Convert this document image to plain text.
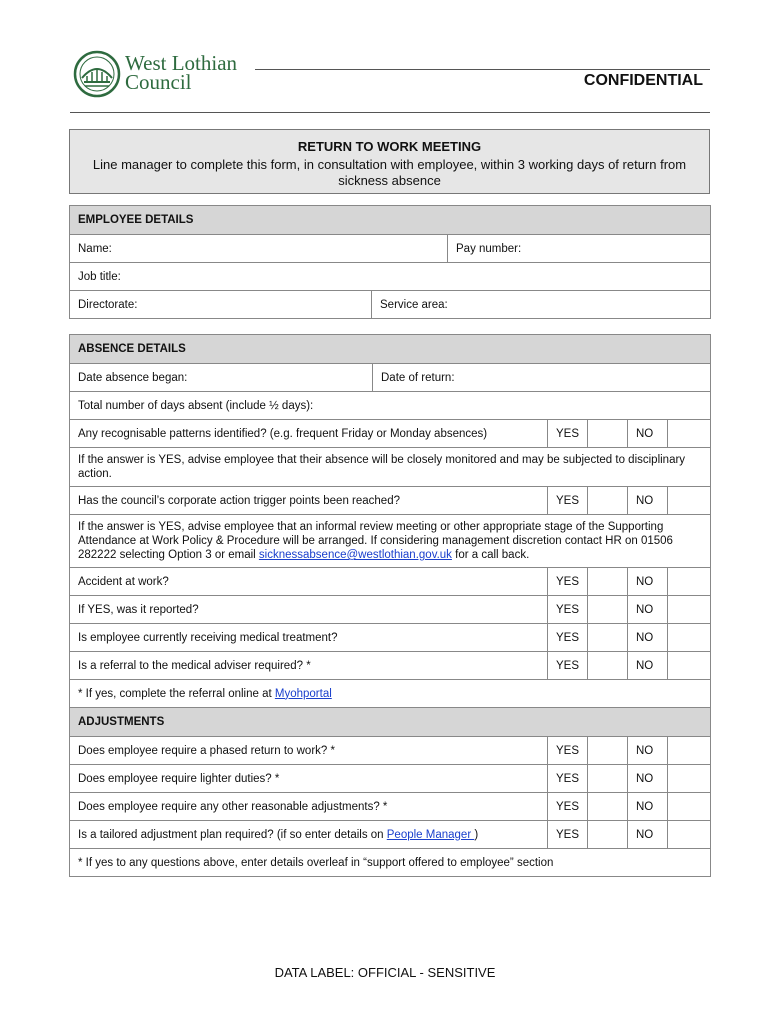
West Lothian
Council	CONFIDENTIAL
RETURN TO WORK MEETING
Line manager to complete this form, in consultation with employee, within 3 working days of return from sickness absence
EMPLOYEE DETAILS		
Name:		Pay number:
Job title:		
Directorate:	Service area:	
ABSENCE DETAILS					
Date absence began:	Date of return:				
Total number of days absent (include ½ days):					
Any recognisable patterns identified? (e.g. frequent Friday or Monday absences)		YES		NO	
If the answer is YES, advise employee that their absence will be closely monitored and may be subjected to disciplinary action.					
Has the council’s corporate action trigger points been reached?		YES		NO	
If the answer is YES, advise employee that an informal review meeting or other appropriate stage of the Supporting Attendance at Work Policy & Procedure will be arranged. If considering management discretion contact HR on 01506 282222 selecting Option 3 or email sicknessabsence@westlothian.gov.uk for a call back.					
Accident at work?		YES		NO	
If YES, was it reported?		YES		NO	
Is employee currently receiving medical treatment?		YES		NO	
Is a referral to the medical adviser required? *		YES		NO	
* If yes, complete the referral online at Myohportal					
ADJUSTMENTS					
Does employee require a phased return to work? *		YES		NO	
Does employee require lighter duties? *		YES		NO	
Does employee require any other reasonable adjustments? *		YES		NO	
Is a tailored adjustment plan required? (if so enter details on People Manager )		YES		NO	
* If yes to any questions above, enter details overleaf in “support offered to employee” section					
DATA LABEL: OFFICIAL - SENSITIVE
